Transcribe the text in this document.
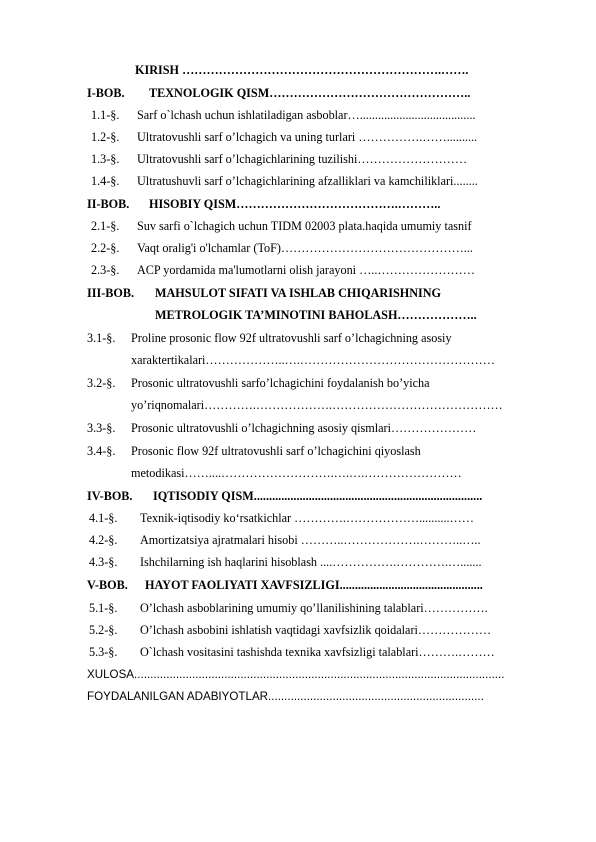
KIRISH ……………………………………………………….…….
I-BOB. TEXNOLOGIK QISM…………………………………………..
1.1-§. Sarf o`lchash uchun ishlatiladigan asboblar…......................................
1.2-§. Ultratovushli sarf o’lchagich va uning turlari …………….……..........
1.3-§. Ultratovushli sarf o’lchagichlarining tuzilishi………………………
1.4-§. Ultratushuvli sarf o’lchagichlarining afzalliklari va kamchiliklari........
II-BOB. HISOBIY QISM………………………………….………..
2.1-§. Suv sarfi o`lchagich uchun TIDM 02003 plata.haqida umumiy tasnif
2.2-§. Vaqt oralig'i o'lchamlar (ToF)………………………………………...
2.3-§. ACP yordamida ma'lumotlarni olish jarayoni …..……………………
III-BOB. MAHSULOT SIFATI VA ISHLAB CHIQARISHNING
METROLOGIK TA’MINOTINI BAHOLASH………………..
3.1-§. Proline prosonic flow 92f ultratovushli sarf o’lchagichning asosiy
xaraktertikalari………………..….…………………………………………
3.2-§. Prosonic ultratovushli sarfo’lchagichini foydalanish bo’yicha
yo’riqnomalari………….……………….……………………………………
3.3-§. Prosonic ultratovushli o’lchagichning asosiy qismlari…………………
3.4-§. Prosonic flow 92f ultratovushli sarf o’lchagichini qiyoslash
metodikasi……....……………………….….….……………………
IV-BOB. IQTISODIY QISM...........................................................................
4.1-§. Texnik-iqtisodiy ko‘rsatkichlar ………….………………..........……
4.2-§. Amortizatsiya ajratmalari hisobi ………..……………….………..…..
4.3-§. Ishchilarning ish haqlarini hisoblash ....…………….………….….......
V-BOB. HAYOT FAOLIYATI XAVFSIZLIGI...............................................
5.1-§. O’lchash asboblarining umumiy qo’llanilishining talablari…………….
5.2-§. O’lchash asbobini ishlatish vaqtidagi xavfsizlik qoidalari………………
5.3-§. O`lchash vositasini tashishda texnika xavfsizligi talablari……….………
XULOSA...................................................................................................................
FOYDALANILGAN ADABIYOTLAR...................................................................
